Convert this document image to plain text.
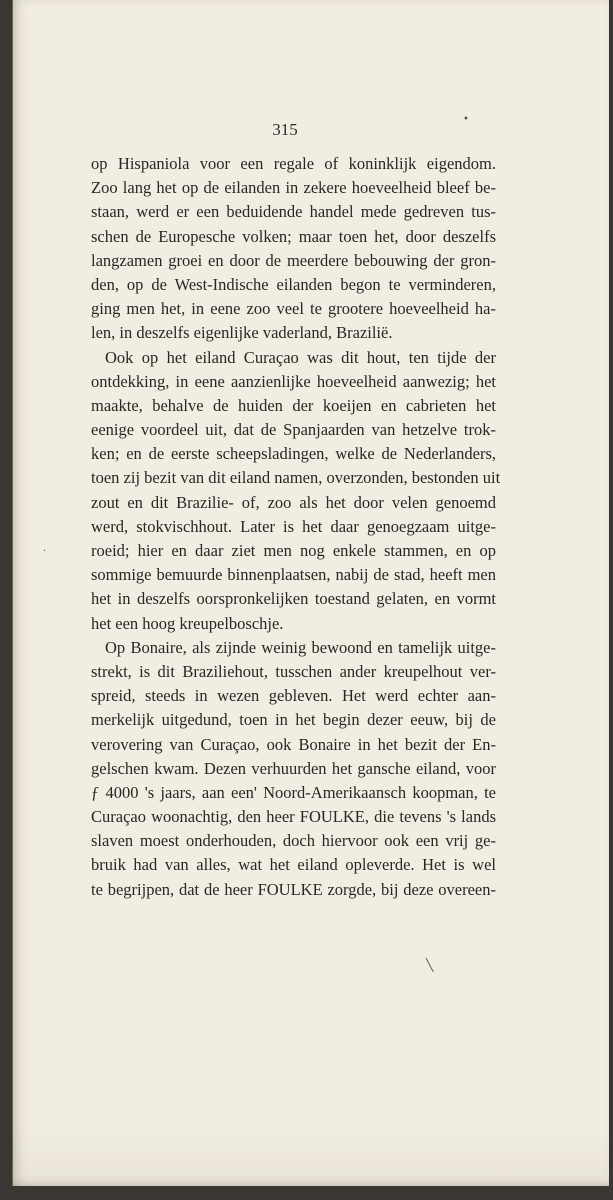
315
•
·
╲
op Hispaniola voor een regale of koninklijk eigendom.
Zoo lang het op de eilanden in zekere hoeveelheid bleef be-
staan, werd er een beduidende handel mede gedreven tus-
schen de Europesche volken; maar toen het, door deszelfs
langzamen groei en door de meerdere bebouwing der gron-
den, op de West-Indische eilanden begon te verminderen,
ging men het, in eene zoo veel te grootere hoeveelheid ha-
len, in deszelfs eigenlijke vaderland, Brazilië.
Ook op het eiland Curaçao was dit hout, ten tijde der
ontdekking, in eene aanzienlijke hoeveelheid aanwezig; het
maakte, behalve de huiden der koeijen en cabrieten het
eenige voordeel uit, dat de Spanjaarden van hetzelve trok-
ken; en de eerste scheepsladingen, welke de Nederlanders,
toen zij bezit van dit eiland namen, overzonden, bestonden uit
zout en dit Brazilie- of, zoo als het door velen genoemd
werd, stokvischhout. Later is het daar genoegzaam uitge-
roeid; hier en daar ziet men nog enkele stammen, en op
sommige bemuurde binnenplaatsen, nabij de stad, heeft men
het in deszelfs oorspronkelijken toestand gelaten, en vormt
het een hoog kreupelboschje.
Op Bonaire, als zijnde weinig bewoond en tamelijk uitge-
strekt, is dit Braziliehout, tusschen ander kreupelhout ver-
spreid, steeds in wezen gebleven. Het werd echter aan-
merkelijk uitgedund, toen in het begin dezer eeuw, bij de
verovering van Curaçao, ook Bonaire in het bezit der En-
gelschen kwam. Dezen verhuurden het gansche eiland, voor
ƒ 4000 's jaars, aan een' Noord-Amerikaansch koopman, te
Curaçao woonachtig, den heer FOULKE, die tevens 's lands
slaven moest onderhouden, doch hiervoor ook een vrij ge-
bruik had van alles, wat het eiland opleverde. Het is wel
te begrijpen, dat de heer FOULKE zorgde, bij deze overeen-
